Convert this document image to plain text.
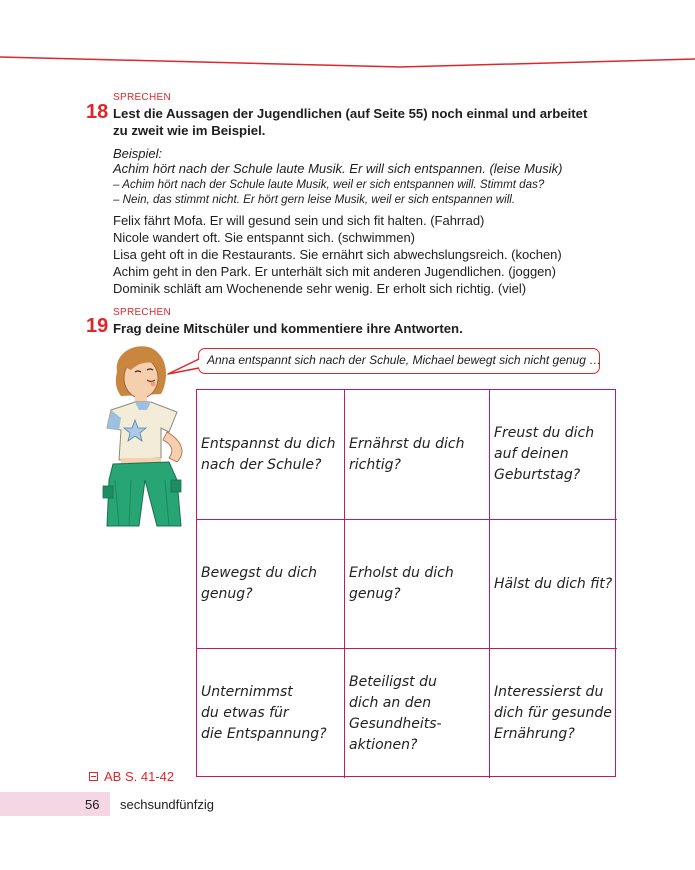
SPRECHEN
18 Lest die Aussagen der Jugendlichen (auf Seite 55) noch einmal und arbeitet
zu zweit wie im Beispiel.
Beispiel:
Achim hört nach der Schule laute Musik. Er will sich entspannen. (leise Musik)
– Achim hört nach der Schule laute Musik, weil er sich entspannen will. Stimmt das?
– Nein, das stimmt nicht. Er hört gern leise Musik, weil er sich entspannen will.
Felix fährt Mofa. Er will gesund sein und sich fit halten. (Fahrrad)
Nicole wandert oft. Sie entspannt sich. (schwimmen)
Lisa geht oft in die Restaurants. Sie ernährt sich abwechslungsreich. (kochen)
Achim geht in den Park. Er unterhält sich mit anderen Jugendlichen. (joggen)
Dominik schläft am Wochenende sehr wenig. Er erholt sich richtig. (viel)
SPRECHEN
19 Frag deine Mitschüler und kommentiere ihre Antworten.
Anna entspannt sich nach der Schule, Michael bewegt sich nicht genug …
Entspannst du dich
nach der Schule?
Ernährst du dich
richtig?
Freust du dich
auf deinen
Geburtstag?
Bewegst du dich
genug?
Erholst du dich
genug?
Hälst du dich fit?
Unternimmst
du etwas für
die Entspannung?
Beteiligst du
dich an den
Gesundheits-
aktionen?
Interessierst du
dich für gesunde
Ernährung?
AB S. 41-42
56 sechsundfünfzig
